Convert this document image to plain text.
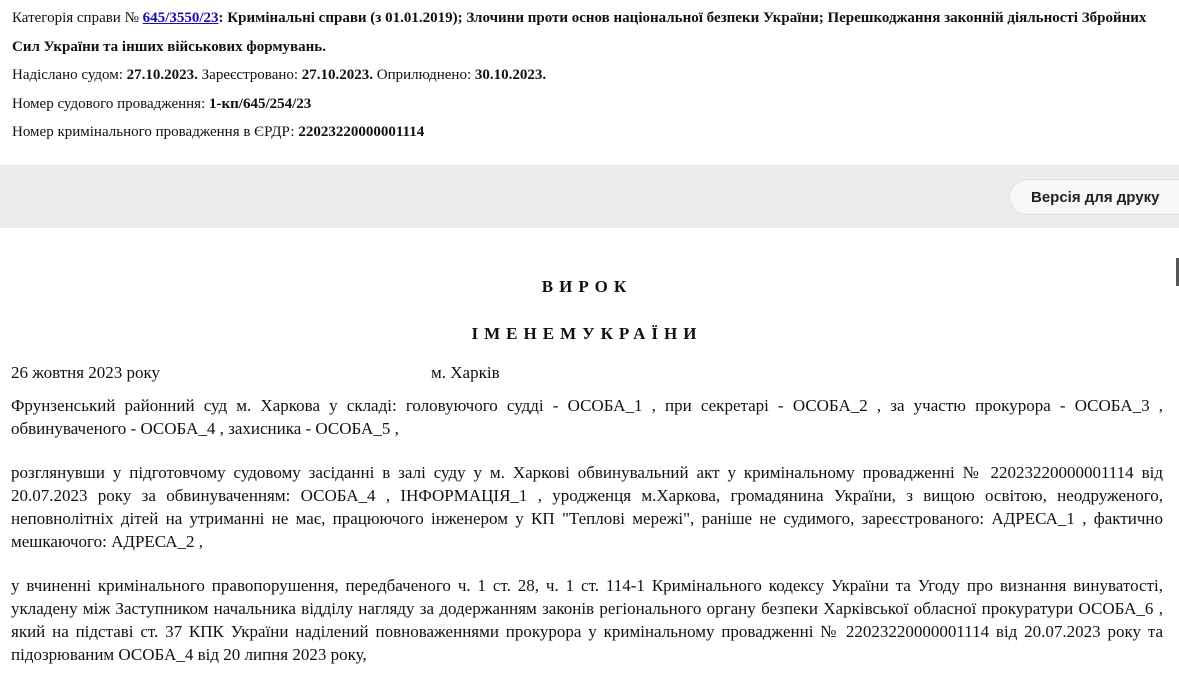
Категорія справи № 645/3550/23: Кримінальні справи (з 01.01.2019); Злочини проти основ національної безпеки України; Перешкоджання законній діяльності Збройних Сил України та інших військових формувань.
Надіслано судом: 27.10.2023. Зареєстровано: 27.10.2023. Оприлюднено: 30.10.2023.
Номер судового провадження: 1-кп/645/254/23
Номер кримінального провадження в ЄРДР: 22023220000001114
Версія для друку
ВИРОК
ІМЕНЕМУКРАЇНИ
26 жовтня 2023 року	м. Харків

Фрунзенський районний суд м. Харкова у складі: головуючого судді - ОСОБА_1 , при секретарі - ОСОБА_2 , за участю прокурора - ОСОБА_3 , обвинуваченого - ОСОБА_4 , захисника - ОСОБА_5 ,

розглянувши у підготовчому судовому засіданні в залі суду у м. Харкові обвинувальний акт у кримінальному провадженні № 22023220000001114 від 20.07.2023 року за обвинуваченням: ОСОБА_4 , ІНФОРМАЦІЯ_1 , уродженця м.Харкова, громадянина України, з вищою освітою, неодруженого, неповнолітніх дітей на утриманні не має, працюючого інженером у КП "Теплові мережі", раніше не судимого, зареєстрованого: АДРЕСА_1 , фактично мешкаючого: АДРЕСА_2 ,

у вчиненні кримінального правопорушення, передбаченого ч. 1 ст. 28, ч. 1 ст. 114-1 Кримінального кодексу України та Угоду про визнання винуватості, укладену між Заступником начальника відділу нагляду за додержанням законів регіонального органу безпеки Харківської обласної прокуратури ОСОБА_6 , який на підставі ст. 37 КПК України наділений повноваженнями прокурора у кримінальному провадженні № 22023220000001114 від 20.07.2023 року та підозрюваним ОСОБА_4 від 20 липня 2023 року,
